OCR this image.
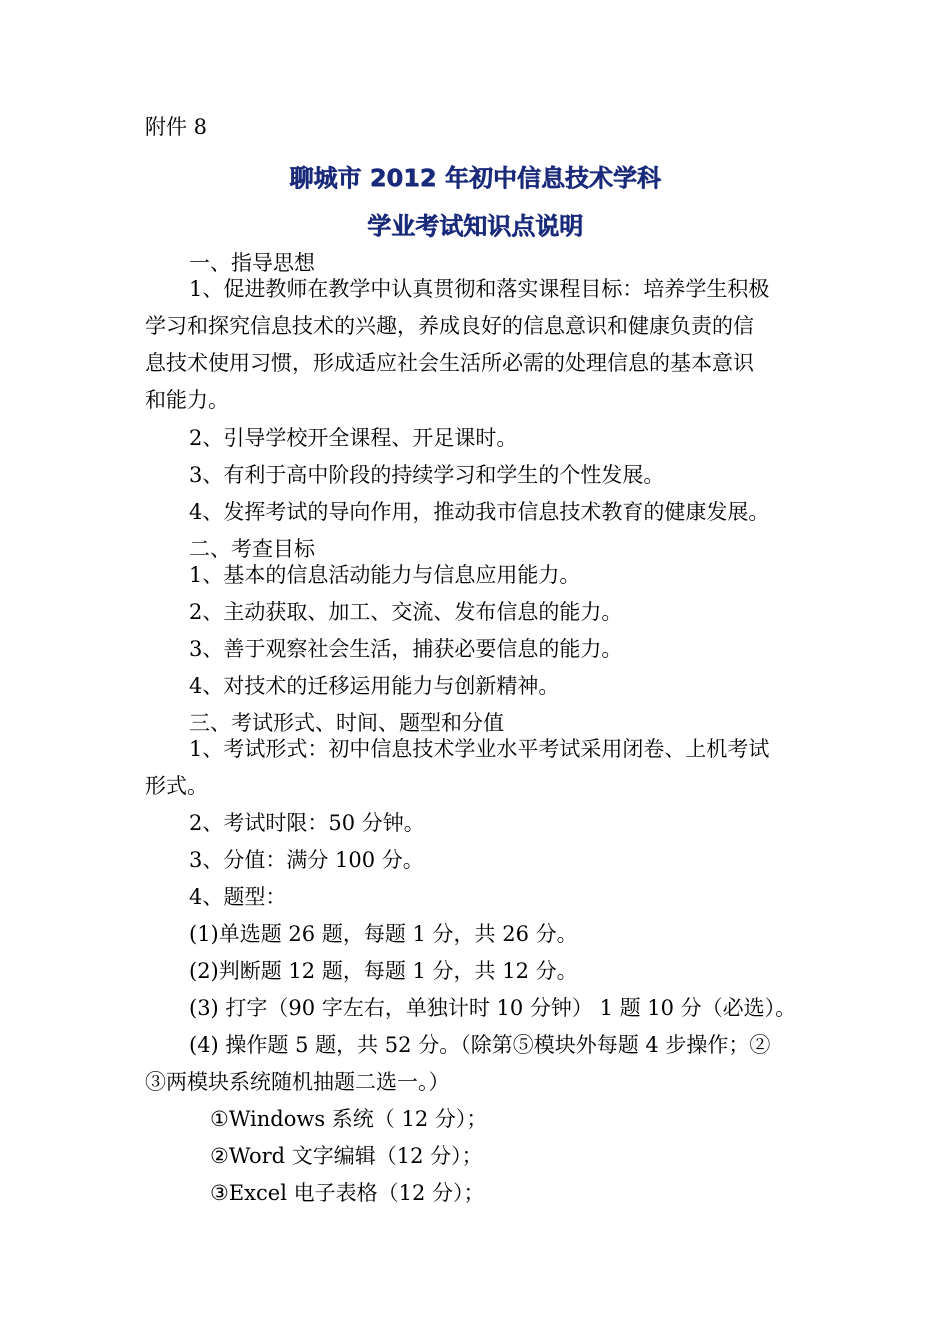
附件 8
聊城市 2012 年初中信息技术学科
学业考试知识点说明
一、指导思想
1、促进教师在教学中认真贯彻和落实课程目标：培养学生积极
学习和探究信息技术的兴趣，养成良好的信息意识和健康负责的信
息技术使用习惯，形成适应社会生活所必需的处理信息的基本意识
和能力。
2、引导学校开全课程、开足课时。
3、有利于高中阶段的持续学习和学生的个性发展。
4、发挥考试的导向作用，推动我市信息技术教育的健康发展。
二、考查目标
1、基本的信息活动能力与信息应用能力。
2、主动获取、加工、交流、发布信息的能力。
3、善于观察社会生活，捕获必要信息的能力。
4、对技术的迁移运用能力与创新精神。
三、考试形式、时间、题型和分值
1、考试形式：初中信息技术学业水平考试采用闭卷、上机考试
形式。
2、考试时限：50 分钟。
3、分值：满分 100 分。
4、题型：
(1)单选题 26 题，每题 1 分，共 26 分。
(2)判断题 12 题，每题 1 分，共 12 分。
(3) 打字（90 字左右，单独计时 10 分钟） 1 题 10 分（必选）。
(4) 操作题 5 题，共 52 分。（除第⑤模块外每题 4 步操作；②
③两模块系统随机抽题二选一。）
①Windows 系统（ 12 分）；
②Word 文字编辑（12 分）；
③Excel 电子表格（12 分）；
